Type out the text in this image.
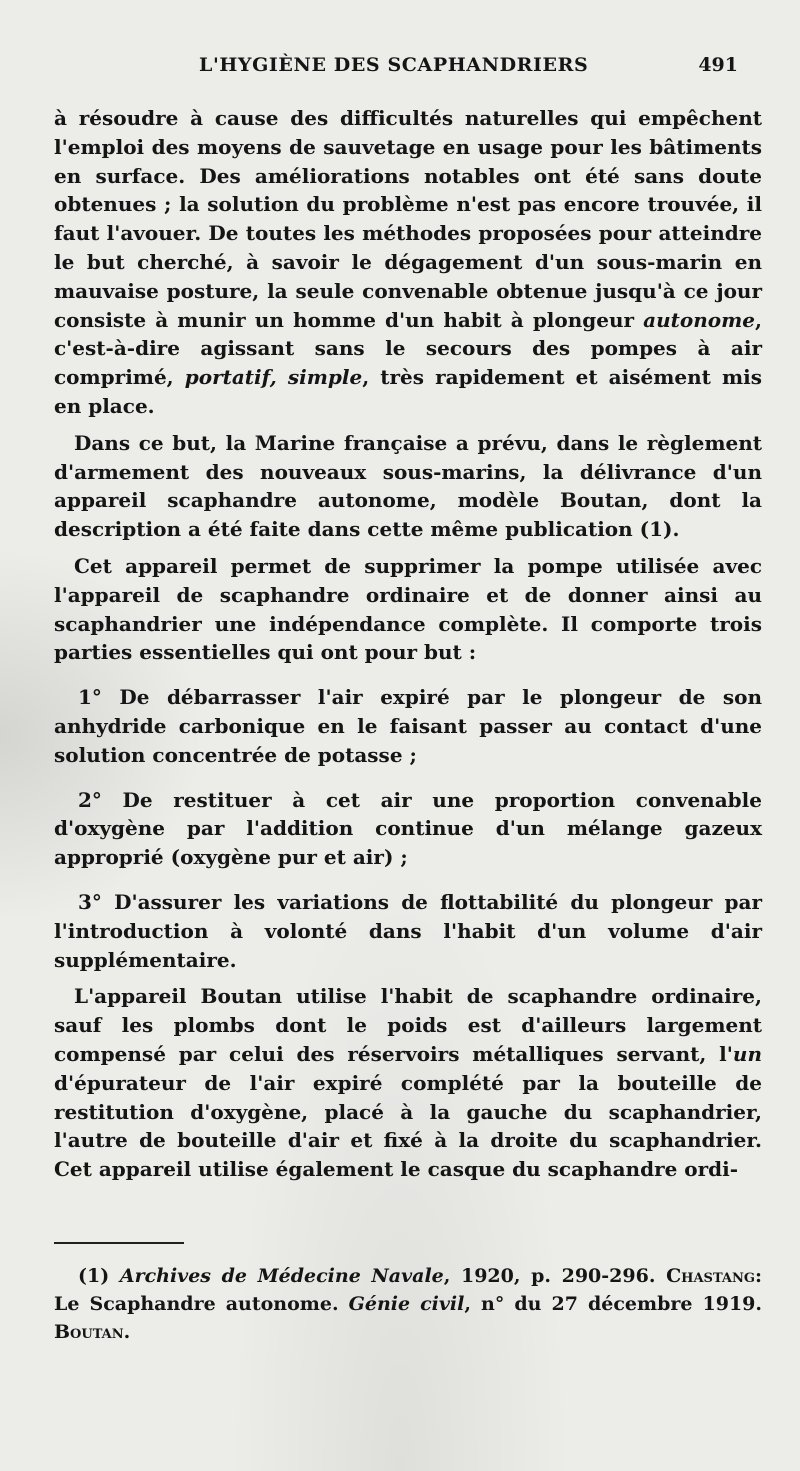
L'HYGIÈNE DES SCAPHANDRIERS	491

à résoudre à cause des difficultés naturelles qui empêchent l'emploi des moyens de sauvetage en usage pour les bâtiments en surface. Des améliorations notables ont été sans doute obtenues ; la solution du problème n'est pas encore trouvée, il faut l'avouer. De toutes les méthodes proposées pour atteindre le but cherché, à savoir le dégagement d'un sous-marin en mauvaise posture, la seule convenable obtenue jusqu'à ce jour consiste à munir un homme d'un habit à plongeur autonome, c'est-à-dire agissant sans le secours des pompes à air comprimé, portatif, simple, très rapidement et aisément mis en place.

Dans ce but, la Marine française a prévu, dans le règlement d'armement des nouveaux sous-marins, la délivrance d'un appareil scaphandre autonome, modèle Boutan, dont la description a été faite dans cette même publication (1).

Cet appareil permet de supprimer la pompe utilisée avec l'appareil de scaphandre ordinaire et de donner ainsi au scaphandrier une indépendance complète. Il comporte trois parties essentielles qui ont pour but :

1° De débarrasser l'air expiré par le plongeur de son anhydride carbonique en le faisant passer au contact d'une solution concentrée de potasse ;

2° De restituer à cet air une proportion convenable d'oxygène par l'addition continue d'un mélange gazeux approprié (oxygène pur et air) ;

3° D'assurer les variations de flottabilité du plongeur par l'introduction à volonté dans l'habit d'un volume d'air supplémentaire.

L'appareil Boutan utilise l'habit de scaphandre ordinaire, sauf les plombs dont le poids est d'ailleurs largement compensé par celui des réservoirs métalliques servant, l'un d'épurateur de l'air expiré complété par la bouteille de restitution d'oxygène, placé à la gauche du scaphandrier, l'autre de bouteille d'air et fixé à la droite du scaphandrier. Cet appareil utilise également le casque du scaphandre ordi-

(1) Archives de Médecine Navale, 1920, p. 290-296. Chastang: Le Scaphandre autonome. Génie civil, n° du 27 décembre 1919. Boutan.
